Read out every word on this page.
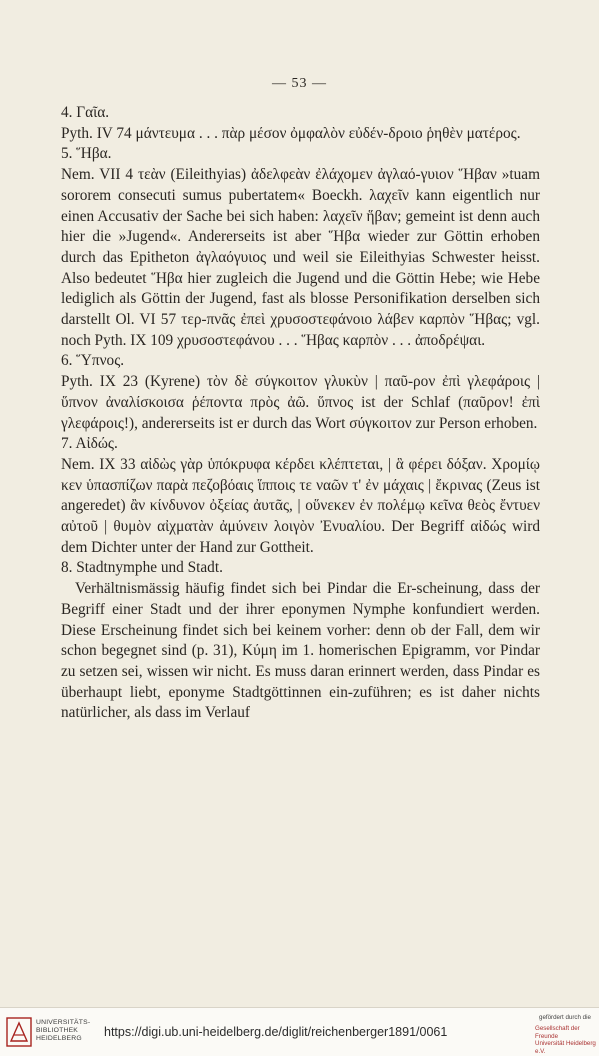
— 53 —
4. Γαῖα.

Pyth. IV 74 μάντευμα . . . πὰρ μέσον ὀμφαλὸν εὐδέν-δροιο ῥηθὲν ματέρος.

5. Ἥβα.

Nem. VII 4 τεὰν (Eileithyias) ἀδελφεὰν ἐλάχομεν ἀγλαό-γυιον Ἥβαν »tuam sororem consecuti sumus pubertatem« Boeckh. λαχεῖν kann eigentlich nur einen Accusativ der Sache bei sich haben: λαχεῖν ἥβαν; gemeint ist denn auch hier die »Jugend«. Andererseits ist aber Ἥβα wieder zur Göttin erhoben durch das Epitheton ἀγλαόγυιος und weil sie Eileithyias Schwester heisst. Also bedeutet Ἥβα hier zugleich die Jugend und die Göttin Hebe; wie Hebe lediglich als Göttin der Jugend, fast als blosse Personifikation derselben sich darstellt Ol. VI 57 τερ-πνᾶς ἐπεὶ χρυσοστεφάνοιο λάβεν καρπὸν Ἥβας; vgl. noch Pyth. IX 109 χρυσοστεφάνου . . . Ἥβας καρπὸν . . . ἀποδρέψαι.

6. Ὕπνος.

Pyth. IX 23 (Kyrene) τὸν δὲ σύγκοιτον γλυκὺν | παῦ-ρον ἐπὶ γλεφάροις | ὕπνον ἀναλίσκοισα ῥέποντα πρὸς ἀῶ. ὕπνος ist der Schlaf (παῦρον! ἐπὶ γλεφάροις!), andererseits ist er durch das Wort σύγκοιτον zur Person erhoben.

7. Αἰδώς.

Nem. IX 33 αἰδὼς γὰρ ὑπόκρυφα κέρδει κλέπτεται, | ἃ φέρει δόξαν. Χρομίῳ κεν ὑπασπίζων παρὰ πεζοβόαις ἵπποις τε ναῶν τ' ἐν μάχαις | ἔκρινας (Zeus ist angeredet) ἂν κίνδυνον ὀξείας ἀυτᾶς, | οὕνεκεν ἐν πολέμῳ κεῖνα θεὸς ἔντυεν αὐτοῦ | θυμὸν αἰχματὰν ἀμύνειν λοιγὸν Ἐνυαλίου. Der Begriff αἰδώς wird dem Dichter unter der Hand zur Gottheit.

8. Stadtnymphe und Stadt.

Verhältnismässig häufig findet sich bei Pindar die Er-scheinung, dass der Begriff einer Stadt und der ihrer eponymen Nymphe konfundiert werden. Diese Erscheinung findet sich bei keinem vorher: denn ob der Fall, dem wir schon begegnet sind (p. 31), Κύμη im 1. homerischen Epigramm, vor Pindar zu setzen sei, wissen wir nicht. Es muss daran erinnert werden, dass Pindar es überhaupt liebt, eponyme Stadtgöttinnen ein-zuführen; es ist daher nichts natürlicher, als dass im Verlauf

UNIVERSITÄTS-
BIBLIOTHEK
HEIDELBERG	https://digi.ub.uni-heidelberg.de/diglit/reichenberger1891/0061
gefördert durch die
Gesellschaft der Freunde
Universität Heidelberg e.V.
